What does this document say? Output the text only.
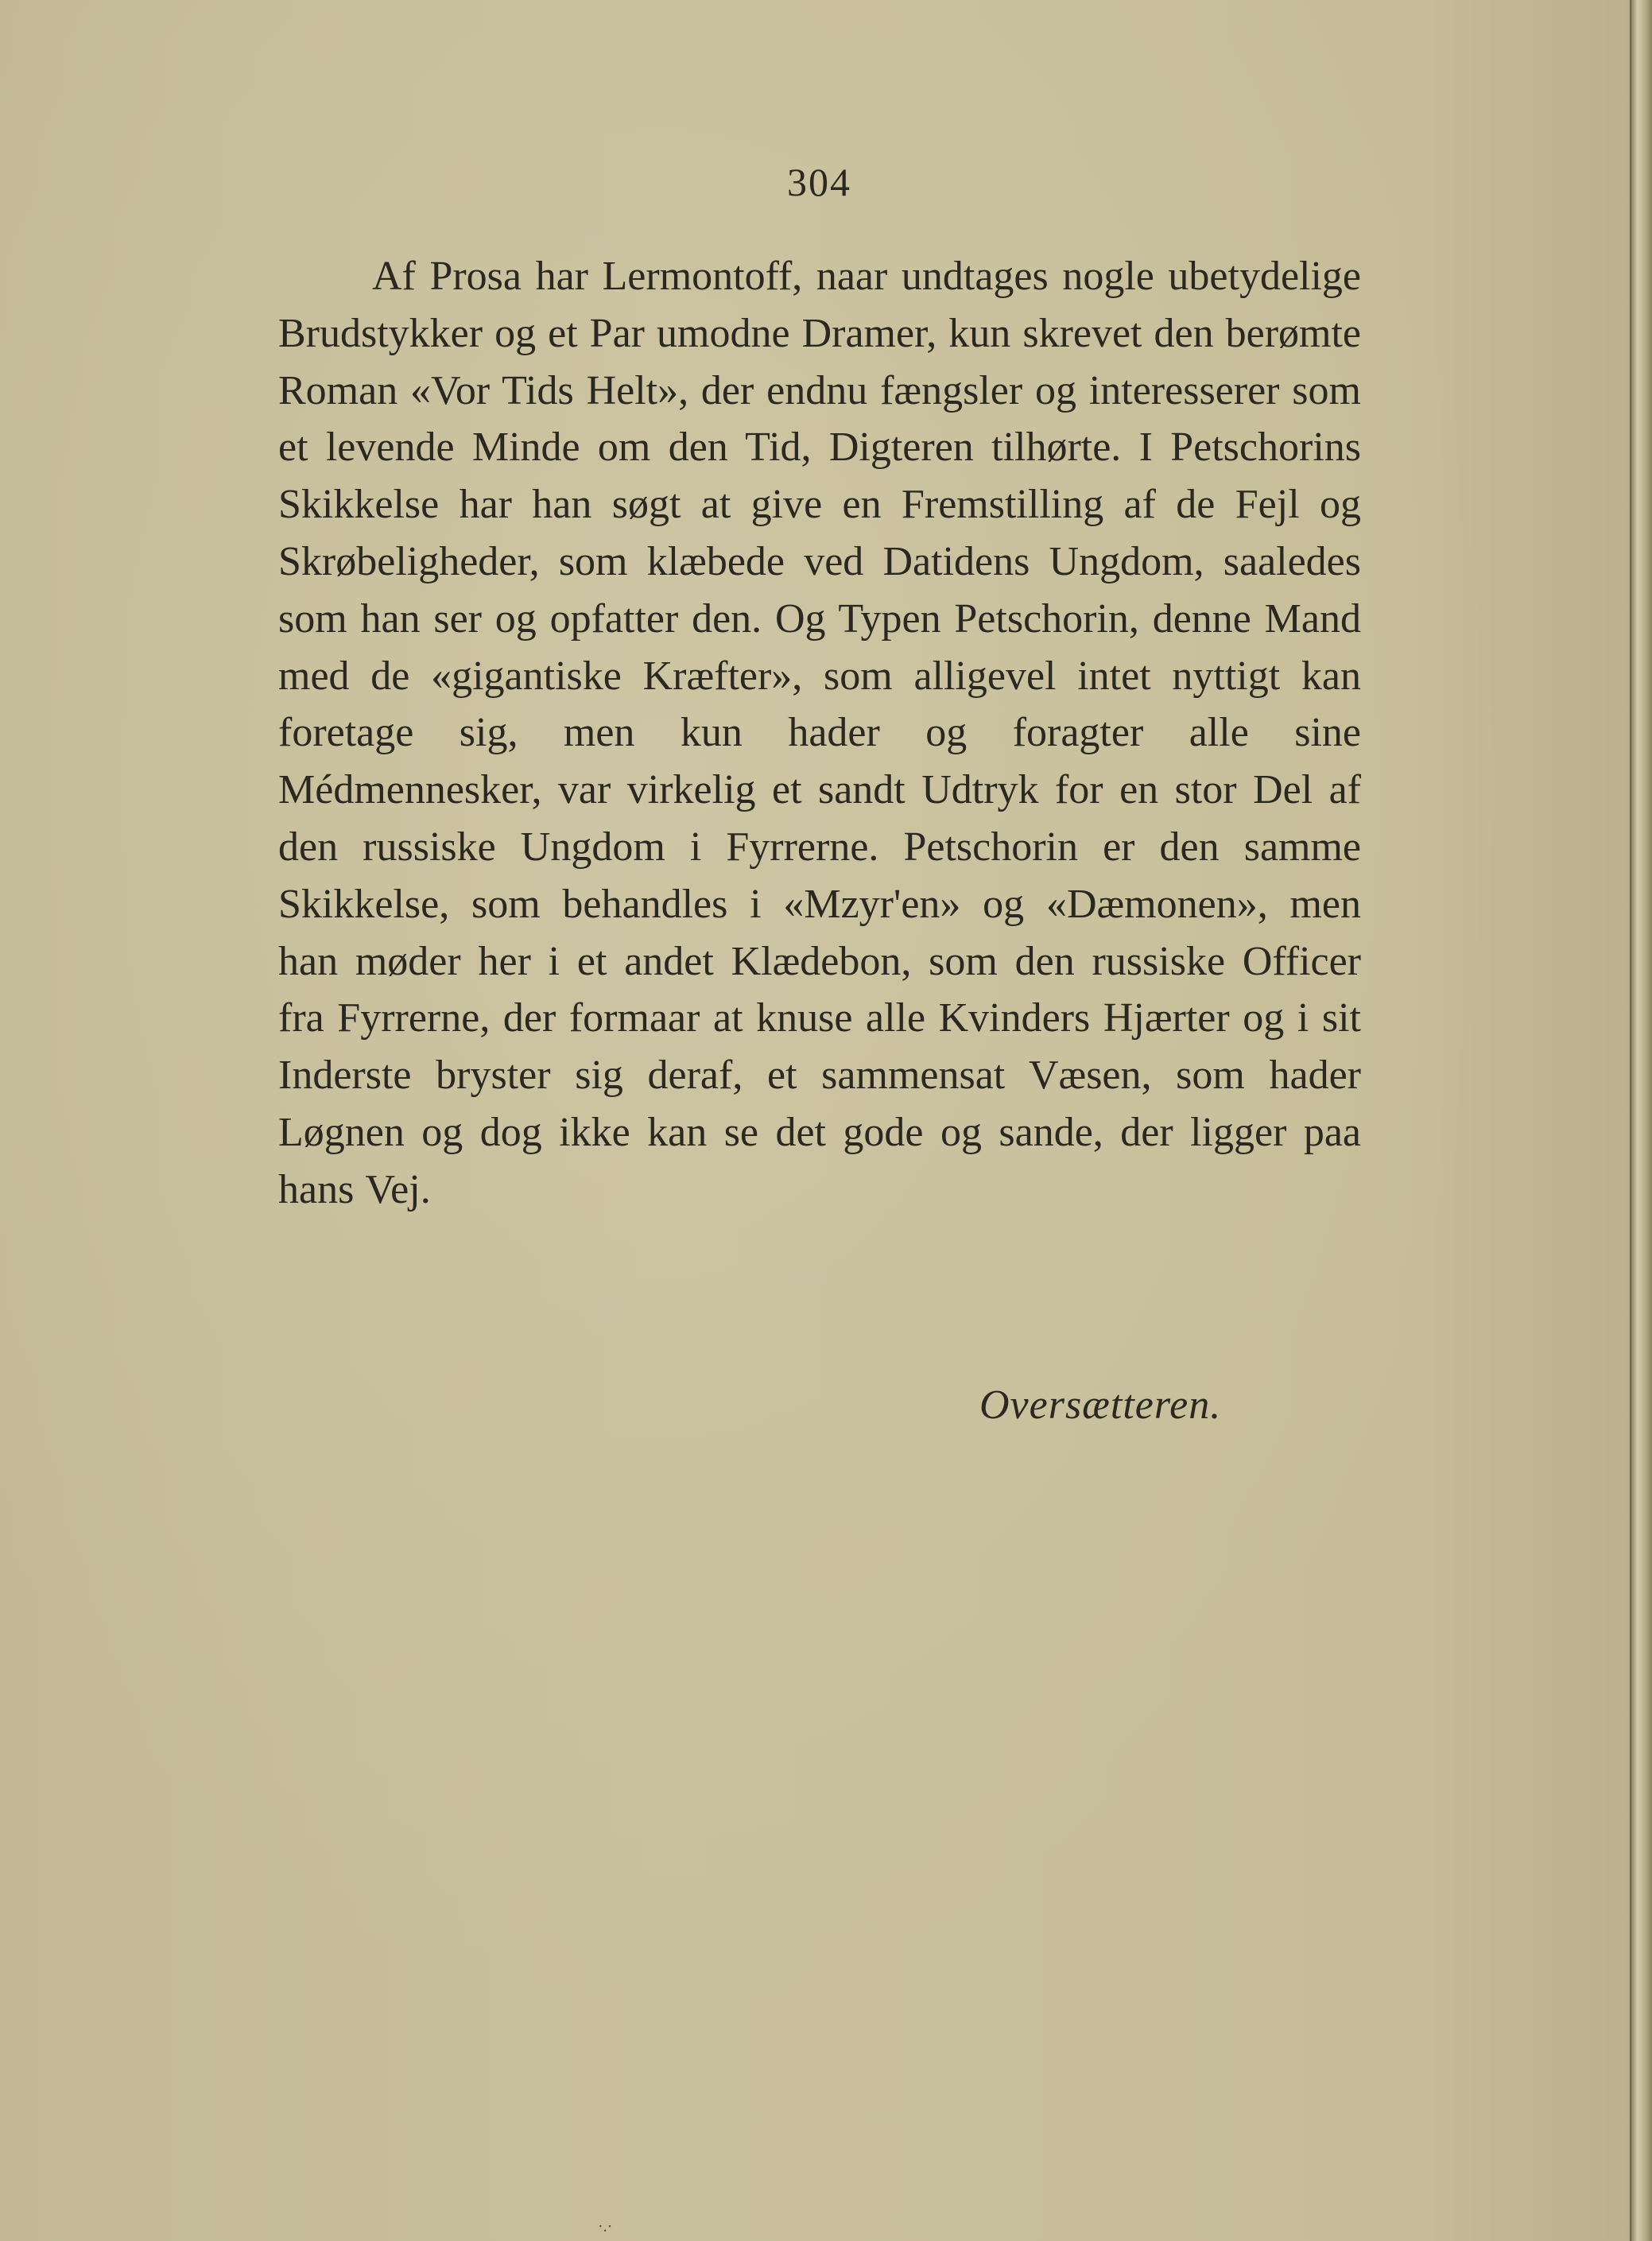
304

Af Prosa har Lermontoff, naar undtages nogle ubetydelige Brudstykker og et Par umodne Dramer, kun skrevet den berømte Roman «Vor Tids Helt», der endnu fængsler og interesserer som et levende Minde om den Tid, Digteren tilhørte. I Petschorins Skikkelse har han søgt at give en Fremstilling af de Fejl og Skrøbeligheder, som klæbede ved Datidens Ungdom, saaledes som han ser og opfatter den. Og Typen Petschorin, denne Mand med de «gigantiske Kræfter», som alligevel intet nyttigt kan foretage sig, men kun hader og foragter alle sine Médmennesker, var virkelig et sandt Udtryk for en stor Del af den russiske Ungdom i Fyrrerne. Petschorin er den samme Skikkelse, som behandles i «Mzyr'en» og «Dæmonen», men han møder her i et andet Klædebon, som den russiske Officer fra Fyrrerne, der formaar at knuse alle Kvinders Hjærter og i sit Inderste bryster sig deraf, et sammensat Væsen, som hader Løgnen og dog ikke kan se det gode og sande, der ligger paa hans Vej.

Oversætteren.

·.·
